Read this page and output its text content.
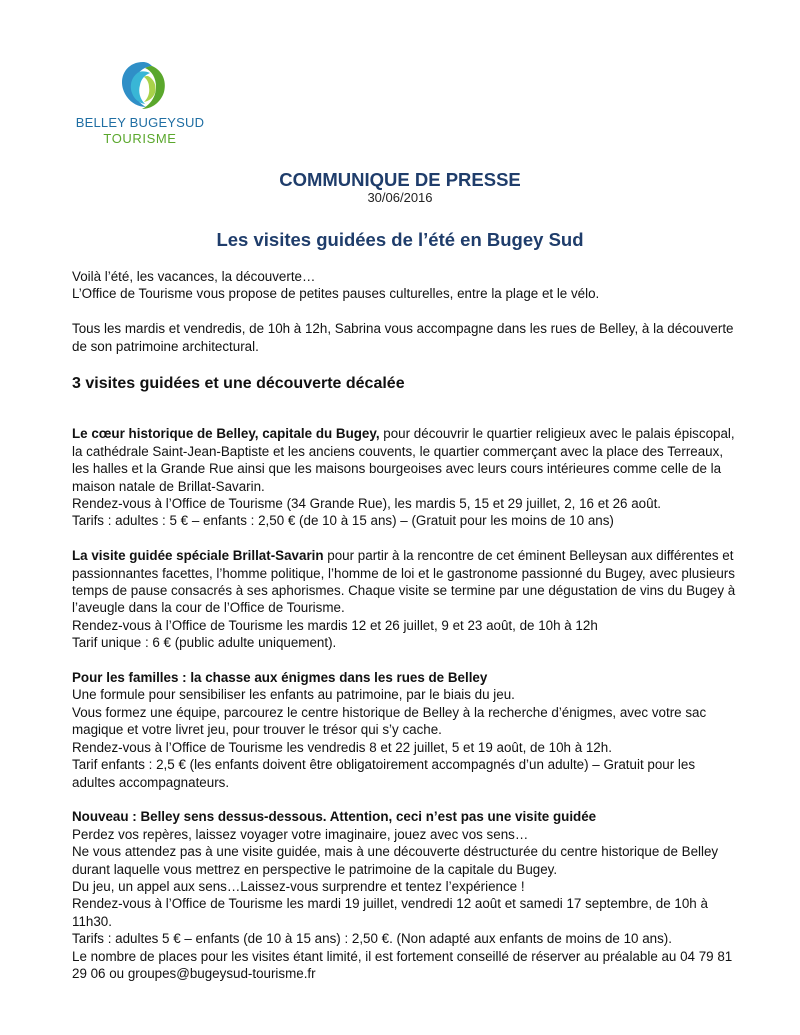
BELLEY BUGEYSUD
TOURISME
COMMUNIQUE DE PRESSE
30/06/2016
Les visites guidées de l’été en Bugey Sud

Voilà l’été, les vacances, la découverte…

L’Office de Tourisme vous propose de petites pauses culturelles, entre la plage et le vélo.

Tous les mardis et vendredis, de 10h à 12h, Sabrina vous accompagne dans les rues de Belley, à la découverte de son patrimoine architectural.

3 visites guidées et une découverte décalée

Le cœur historique de Belley, capitale du Bugey, pour découvrir le quartier religieux avec le palais épiscopal, la cathédrale Saint-Jean-Baptiste et les anciens couvents, le quartier commerçant avec la place des Terreaux, les halles et la Grande Rue ainsi que les maisons bourgeoises avec leurs cours intérieures comme celle de la maison natale de Brillat-Savarin.

Rendez-vous à l’Office de Tourisme (34 Grande Rue), les mardis 5, 15 et 29 juillet, 2, 16 et 26 août.

Tarifs : adultes : 5 € – enfants : 2,50 € (de 10 à 15 ans) – (Gratuit pour les moins de 10 ans)

La visite guidée spéciale Brillat-Savarin pour partir à la rencontre de cet éminent Belleysan aux différentes et passionnantes facettes, l’homme politique, l’homme de loi et le gastronome passionné du Bugey, avec plusieurs temps de pause consacrés à ses aphorismes. Chaque visite se termine par une dégustation de vins du Bugey à l’aveugle dans la cour de l’Office de Tourisme.

Rendez-vous à l’Office de Tourisme les mardis 12 et 26 juillet, 9 et 23 août, de 10h à 12h

Tarif unique : 6 € (public adulte uniquement).

Pour les familles : la chasse aux énigmes dans les rues de Belley

Une formule pour sensibiliser les enfants au patrimoine, par le biais du jeu.

Vous formez une équipe, parcourez le centre historique de Belley à la recherche d’énigmes, avec votre sac magique et votre livret jeu, pour trouver le trésor qui s’y cache.

Rendez-vous à l’Office de Tourisme les vendredis 8 et 22 juillet, 5 et 19 août, de 10h à 12h.

Tarif enfants : 2,5 € (les enfants doivent être obligatoirement accompagnés d’un adulte) – Gratuit pour les adultes accompagnateurs.

Nouveau : Belley sens dessus-dessous. Attention, ceci n’est pas une visite guidée

Perdez vos repères, laissez voyager votre imaginaire, jouez avec vos sens…

Ne vous attendez pas à une visite guidée, mais à une découverte déstructurée du centre historique de Belley durant laquelle vous mettrez en perspective le patrimoine de la capitale du Bugey.

Du jeu, un appel aux sens…Laissez-vous surprendre et tentez l’expérience !

Rendez-vous à l’Office de Tourisme les mardi 19 juillet, vendredi 12 août et samedi 17 septembre, de 10h à 11h30.

Tarifs : adultes 5 € – enfants (de 10 à 15 ans) : 2,50 €. (Non adapté aux enfants de moins de 10 ans).

Le nombre de places pour les visites étant limité, il est fortement conseillé de réserver au préalable au 04 79 81 29 06 ou groupes@bugeysud-tourisme.fr
